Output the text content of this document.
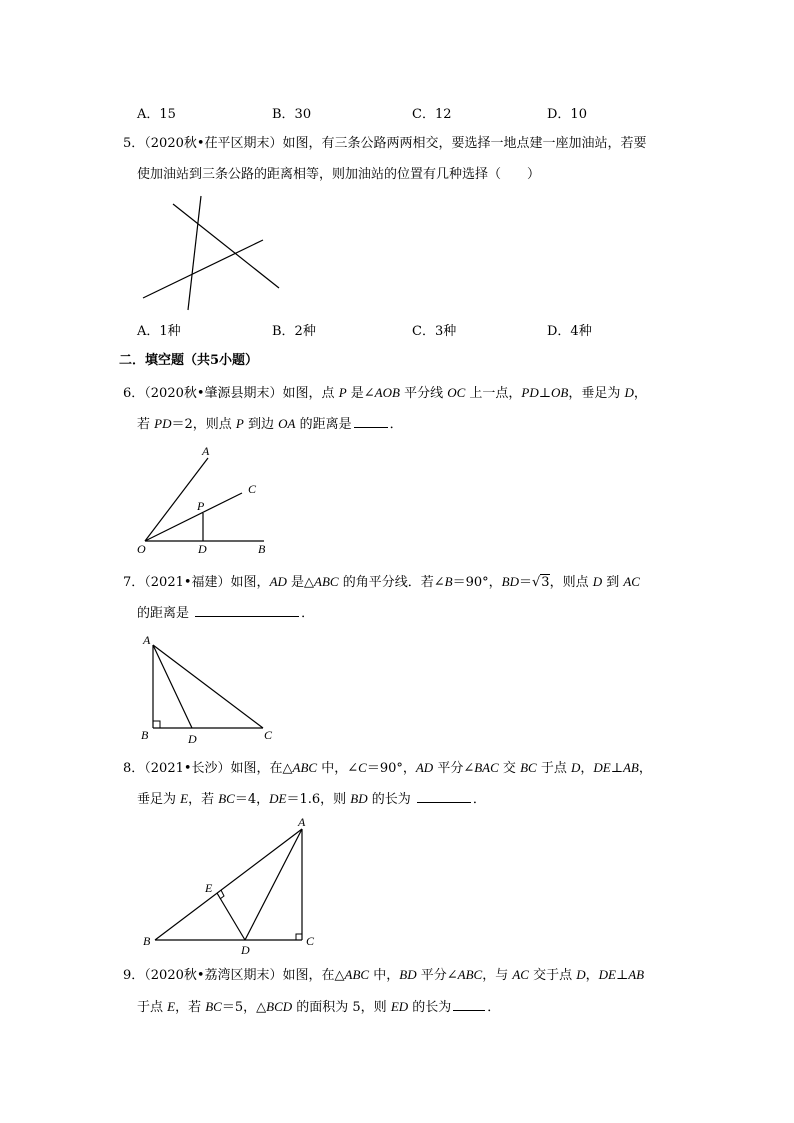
A．15	B．30	C．12	D．10
5．（2020秋•茌平区期末）如图，有三条公路两两相交，要选择一地点建一座加油站，若要
使加油站到三条公路的距离相等，则加油站的位置有几种选择（　　）
A．1种	B．2种	C．3种	D．4种
二．填空题（共5小题）
6．（2020秋•肇源县期末）如图，点 P 是∠AOB 平分线 OC 上一点，PD⊥OB，垂足为 D，
若 PD＝2，则点 P 到边 OA 的距离是	．
A
C
P
O	D	B
7．（2021•福建）如图，AD 是△ABC 的角平分线．若∠B＝90°，BD＝√3，则点 D 到 AC
的距离是	．
A
B	D	C
8．（2021•长沙）如图，在△ABC 中，∠C＝90°，AD 平分∠BAC 交 BC 于点 D，DE⊥AB，
垂足为 E，若 BC＝4，DE＝1.6，则 BD 的长为	．
A
E
B
D
C
9．（2020秋•荔湾区期末）如图，在△ABC 中，BD 平分∠ABC，与 AC 交于点 D，DE⊥AB
于点 E，若 BC＝5，△BCD 的面积为 5，则 ED 的长为	．
